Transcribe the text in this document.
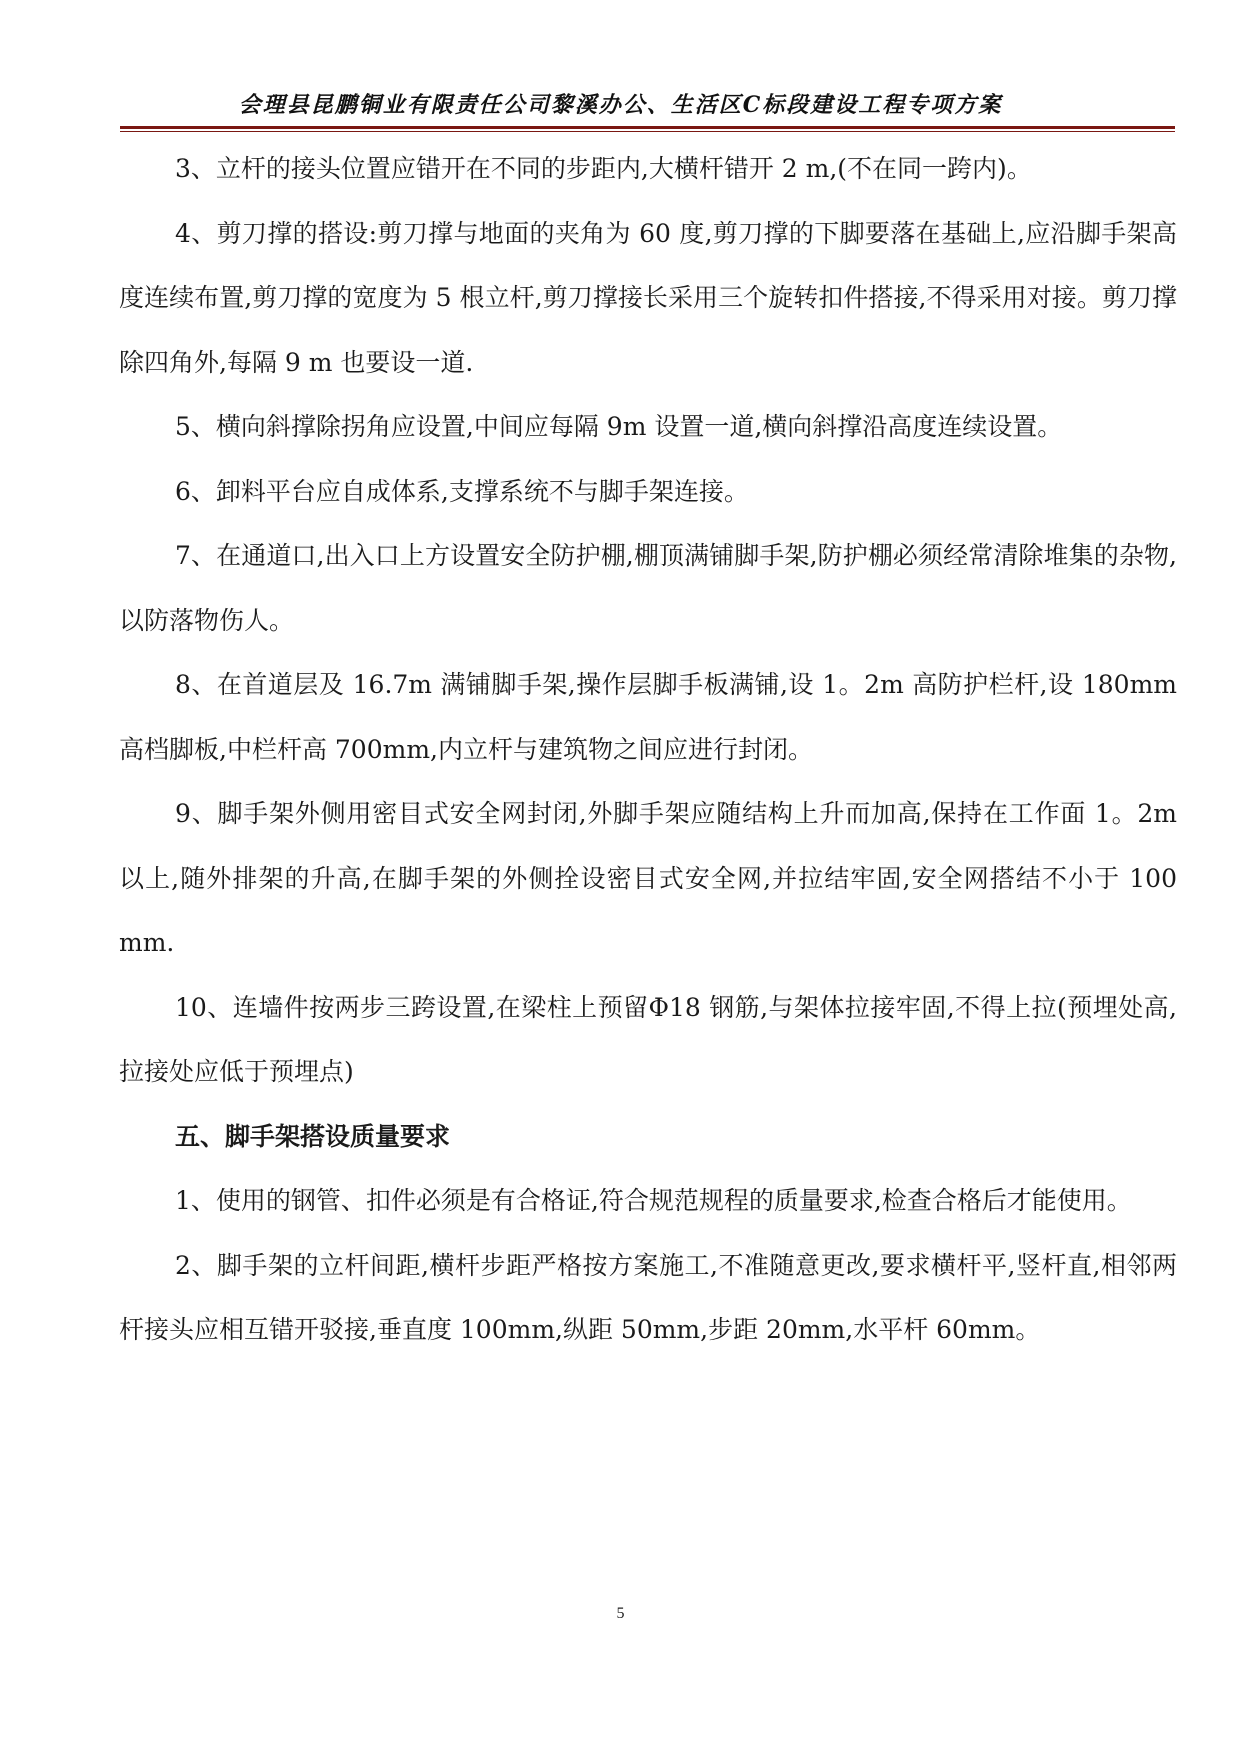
会理县昆鹏铜业有限责任公司黎溪办公、生活区C标段建设工程专项方案

3、立杆的接头位置应错开在不同的步距内,大横杆错开 2 m,(不在同一跨内)。

4、剪刀撑的搭设:剪刀撑与地面的夹角为 60 度,剪刀撑的下脚要落在基础上,应沿脚手架高度连续布置,剪刀撑的宽度为 5 根立杆,剪刀撑接长采用三个旋转扣件搭接,不得采用对接。剪刀撑除四角外,每隔 9 m 也要设一道.

5、横向斜撑除拐角应设置,中间应每隔 9m 设置一道,横向斜撑沿高度连续设置。

6、卸料平台应自成体系,支撑系统不与脚手架连接。

7、在通道口,出入口上方设置安全防护棚,棚顶满铺脚手架,防护棚必须经常清除堆集的杂物,以防落物伤人。

8、在首道层及 16.7m 满铺脚手架,操作层脚手板满铺,设 1。2m 高防护栏杆,设 180mm 高档脚板,中栏杆高 700mm,内立杆与建筑物之间应进行封闭。

9、脚手架外侧用密目式安全网封闭,外脚手架应随结构上升而加高,保持在工作面 1。2m 以上,随外排架的升高,在脚手架的外侧拴设密目式安全网,并拉结牢固,安全网搭结不小于 100 mm.

10、连墙件按两步三跨设置,在梁柱上预留Φ18 钢筋,与架体拉接牢固,不得上拉(预埋处高,拉接处应低于预埋点)

五、脚手架搭设质量要求

1、使用的钢管、扣件必须是有合格证,符合规范规程的质量要求,检查合格后才能使用。

2、脚手架的立杆间距,横杆步距严格按方案施工,不准随意更改,要求横杆平,竖杆直,相邻两杆接头应相互错开驳接,垂直度 100mm,纵距 50mm,步距 20mm,水平杆 60mm。

5
